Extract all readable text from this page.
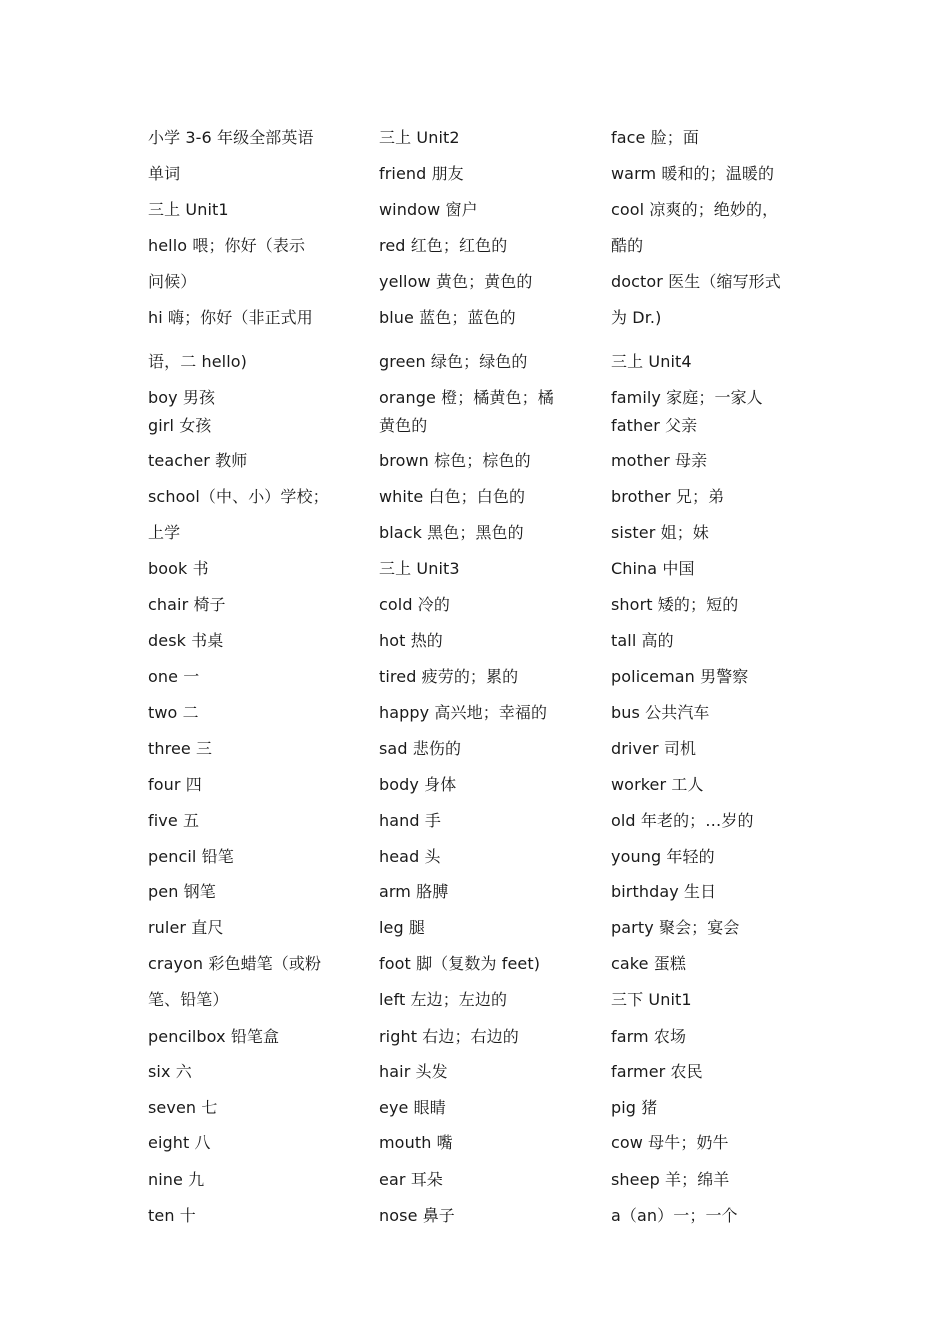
小学 3-6 年级全部英语
单词
三上 Unit1
hello 喂；你好（表示
问候）
hi 嗨；你好（非正式用
语，二 hello)
boy 男孩
girl 女孩
teacher 教师
school（中、小）学校；
上学
book 书
chair 椅子
desk 书桌
one 一
two 二
three 三
four 四
five 五
pencil 铅笔
pen 钢笔
ruler 直尺
crayon 彩色蜡笔（或粉
笔、铅笔）
pencilbox 铅笔盒
six 六
seven 七
eight 八
nine 九
ten 十
三上 Unit2
friend 朋友
window 窗户
red 红色；红色的
yellow 黄色；黄色的
blue 蓝色；蓝色的
green 绿色；绿色的
orange 橙；橘黄色；橘
黄色的
brown 棕色；棕色的
white 白色；白色的
black 黑色；黑色的
三上 Unit3
cold 冷的
hot 热的
tired 疲劳的；累的
happy 高兴地；幸福的
sad 悲伤的
body 身体
hand 手
head 头
arm 胳膊
leg 腿
foot 脚（复数为 feet)
left 左边；左边的
right 右边；右边的
hair 头发
eye 眼睛
mouth 嘴
ear 耳朵
nose 鼻子
face 脸；面
warm 暖和的；温暖的
cool 凉爽的；绝妙的，
酷的
doctor 医生（缩写形式
为 Dr.)
三上 Unit4
family 家庭；一家人
father 父亲
mother 母亲
brother 兄；弟
sister 姐；妹
China 中国
short 矮的；短的
tall 高的
policeman 男警察
bus 公共汽车
driver 司机
worker 工人
old 年老的；…岁的
young 年轻的
birthday 生日
party 聚会；宴会
cake 蛋糕
三下 Unit1
farm 农场
farmer 农民
pig 猪
cow 母牛；奶牛
sheep 羊；绵羊
a（an）一；一个
